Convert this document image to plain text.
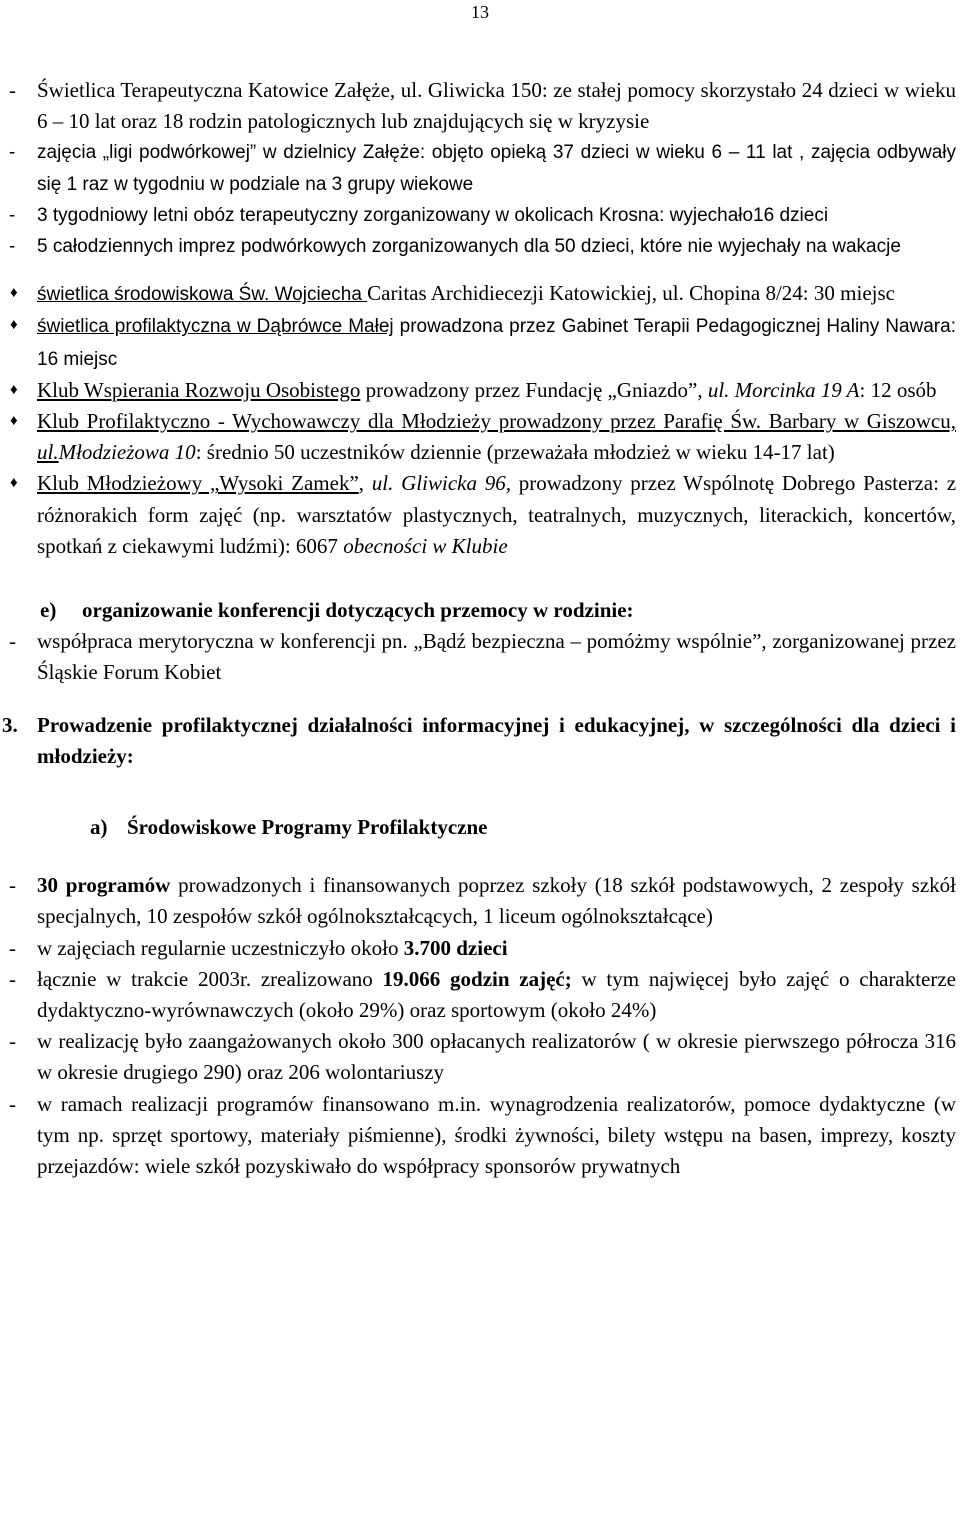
13
- Świetlica Terapeutyczna Katowice Załęże, ul. Gliwicka 150: ze stałej pomocy skorzystało 24 dzieci w wieku 6 – 10 lat oraz 18 rodzin patologicznych lub znajdujących się w kryzysie
- zajęcia „ligi podwórkowej” w dzielnicy Załęże: objęto opieką 37 dzieci w wieku 6 – 11 lat , zajęcia odbywały się 1 raz w tygodniu w podziale na 3 grupy wiekowe
- 3 tygodniowy letni obóz terapeutyczny zorganizowany w okolicach Krosna: wyjechało16 dzieci
- 5 całodziennych imprez podwórkowych zorganizowanych dla 50 dzieci, które nie wyjechały na wakacje
♦ świetlica środowiskowa Św. Wojciecha Caritas Archidiecezji Katowickiej, ul. Chopina 8/24: 30 miejsc
♦ świetlica profilaktyczna w Dąbrówce Małej prowadzona przez Gabinet Terapii Pedagogicznej Haliny Nawara: 16 miejsc
♦ Klub Wspierania Rozwoju Osobistego prowadzony przez Fundację „Gniazdo”, ul. Morcinka 19 A: 12 osób
♦ Klub Profilaktyczno - Wychowawczy dla Młodzieży prowadzony przez Parafię Św. Barbary w Giszowcu, ul.Młodzieżowa 10: średnio 50 uczestników dziennie (przeważała młodzież w wieku 14-17 lat)
♦ Klub Młodzieżowy „Wysoki Zamek”, ul. Gliwicka 96, prowadzony przez Wspólnotę Dobrego Pasterza: z różnorakich form zajęć (np. warsztatów plastycznych, teatralnych, muzycznych, literackich, koncertów, spotkań z ciekawymi ludźmi): 6067 obecności w Klubie
e) organizowanie konferencji dotyczących przemocy w rodzinie:
- współpraca merytoryczna w konferencji pn. „Bądź bezpieczna – pomóżmy wspólnie”, zorganizowanej przez Śląskie Forum Kobiet
3. Prowadzenie profilaktycznej działalności informacyjnej i edukacyjnej, w szczególności dla dzieci i młodzieży:
a) Środowiskowe Programy Profilaktyczne
- 30 programów prowadzonych i finansowanych poprzez szkoły (18 szkół podstawowych, 2 zespoły szkół specjalnych, 10 zespołów szkół ogólnokształcących, 1 liceum ogólnokształcące)
- w zajęciach regularnie uczestniczyło około 3.700 dzieci
- łącznie w trakcie 2003r. zrealizowano 19.066 godzin zajęć; w tym najwięcej było zajęć o charakterze dydaktyczno-wyrównawczych (około 29%) oraz sportowym (około 24%)
- w realizację było zaangażowanych około 300 opłacanych realizatorów ( w okresie pierwszego półrocza 316 w okresie drugiego 290) oraz 206 wolontariuszy
- w ramach realizacji programów finansowano m.in. wynagrodzenia realizatorów, pomoce dydaktyczne (w tym np. sprzęt sportowy, materiały piśmienne), środki żywności, bilety wstępu na basen, imprezy, koszty przejazdów: wiele szkół pozyskiwało do współpracy sponsorów prywatnych
